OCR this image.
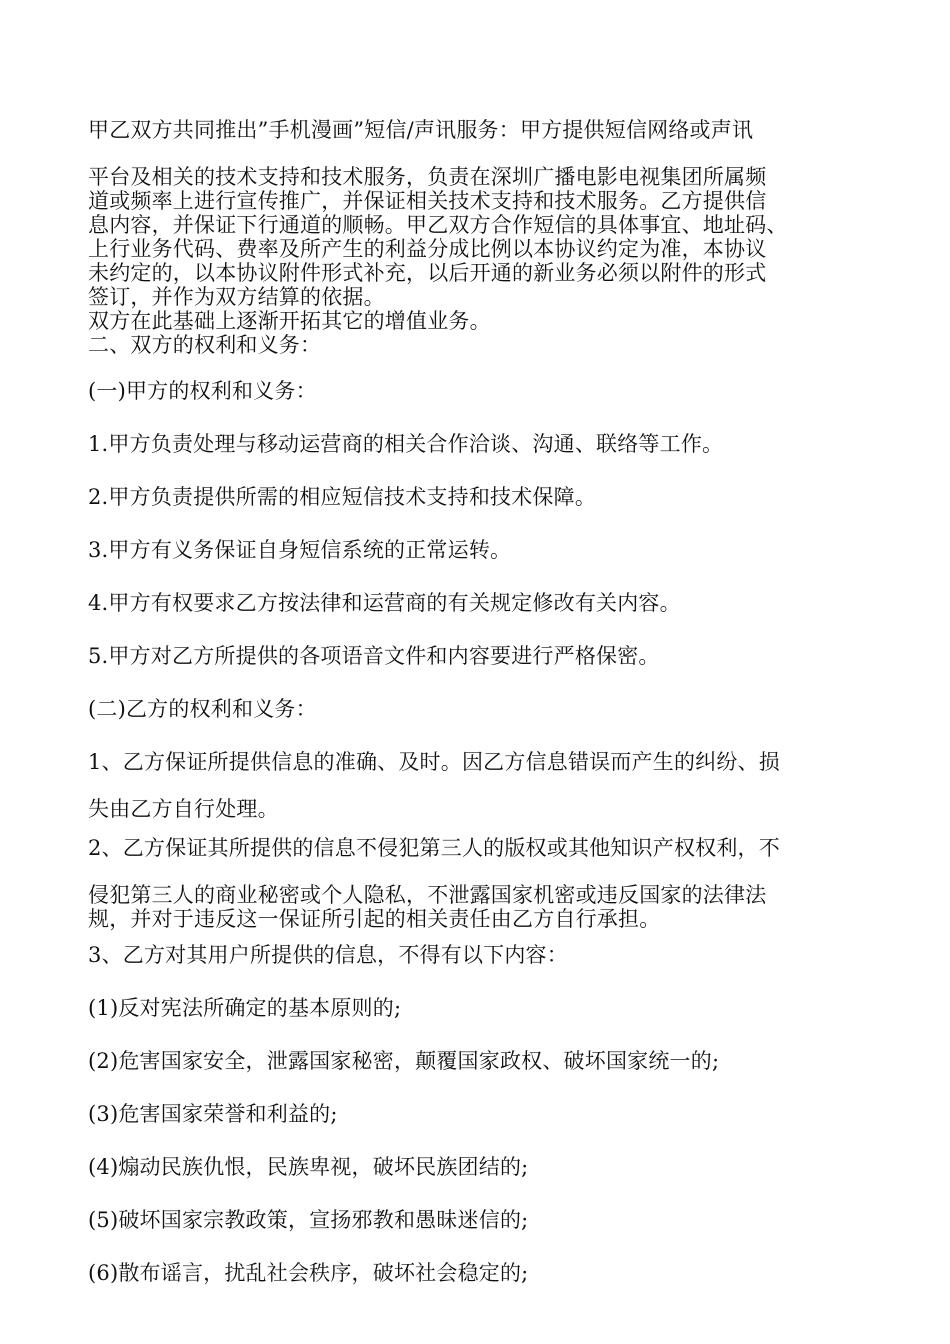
甲乙双方共同推出”手机漫画”短信/声讯服务：甲方提供短信网络或声讯

平台及相关的技术支持和技术服务，负责在深圳广播电影电视集团所属频

道或频率上进行宣传推广，并保证相关技术支持和技术服务。乙方提供信

息内容，并保证下行通道的顺畅。甲乙双方合作短信的具体事宜、地址码、

上行业务代码、费率及所产生的利益分成比例以本协议约定为准，本协议

未约定的，以本协议附件形式补充，以后开通的新业务必须以附件的形式

签订，并作为双方结算的依据。

双方在此基础上逐渐开拓其它的增值业务。

二、双方的权利和义务：

(一)甲方的权利和义务：

1.甲方负责处理与移动运营商的相关合作洽谈、沟通、联络等工作。

2.甲方负责提供所需的相应短信技术支持和技术保障。

3.甲方有义务保证自身短信系统的正常运转。

4.甲方有权要求乙方按法律和运营商的有关规定修改有关内容。

5.甲方对乙方所提供的各项语音文件和内容要进行严格保密。

(二)乙方的权利和义务：

1、乙方保证所提供信息的准确、及时。因乙方信息错误而产生的纠纷、损

失由乙方自行处理。

2、乙方保证其所提供的信息不侵犯第三人的版权或其他知识产权权利，不

侵犯第三人的商业秘密或个人隐私，不泄露国家机密或违反国家的法律法

规，并对于违反这一保证所引起的相关责任由乙方自行承担。

3、乙方对其用户所提供的信息，不得有以下内容：

(1)反对宪法所确定的基本原则的;

(2)危害国家安全，泄露国家秘密，颠覆国家政权、破坏国家统一的;

(3)危害国家荣誉和利益的;

(4)煽动民族仇恨，民族卑视，破坏民族团结的;

(5)破坏国家宗教政策，宣扬邪教和愚昧迷信的;

(6)散布谣言，扰乱社会秩序，破坏社会稳定的;
